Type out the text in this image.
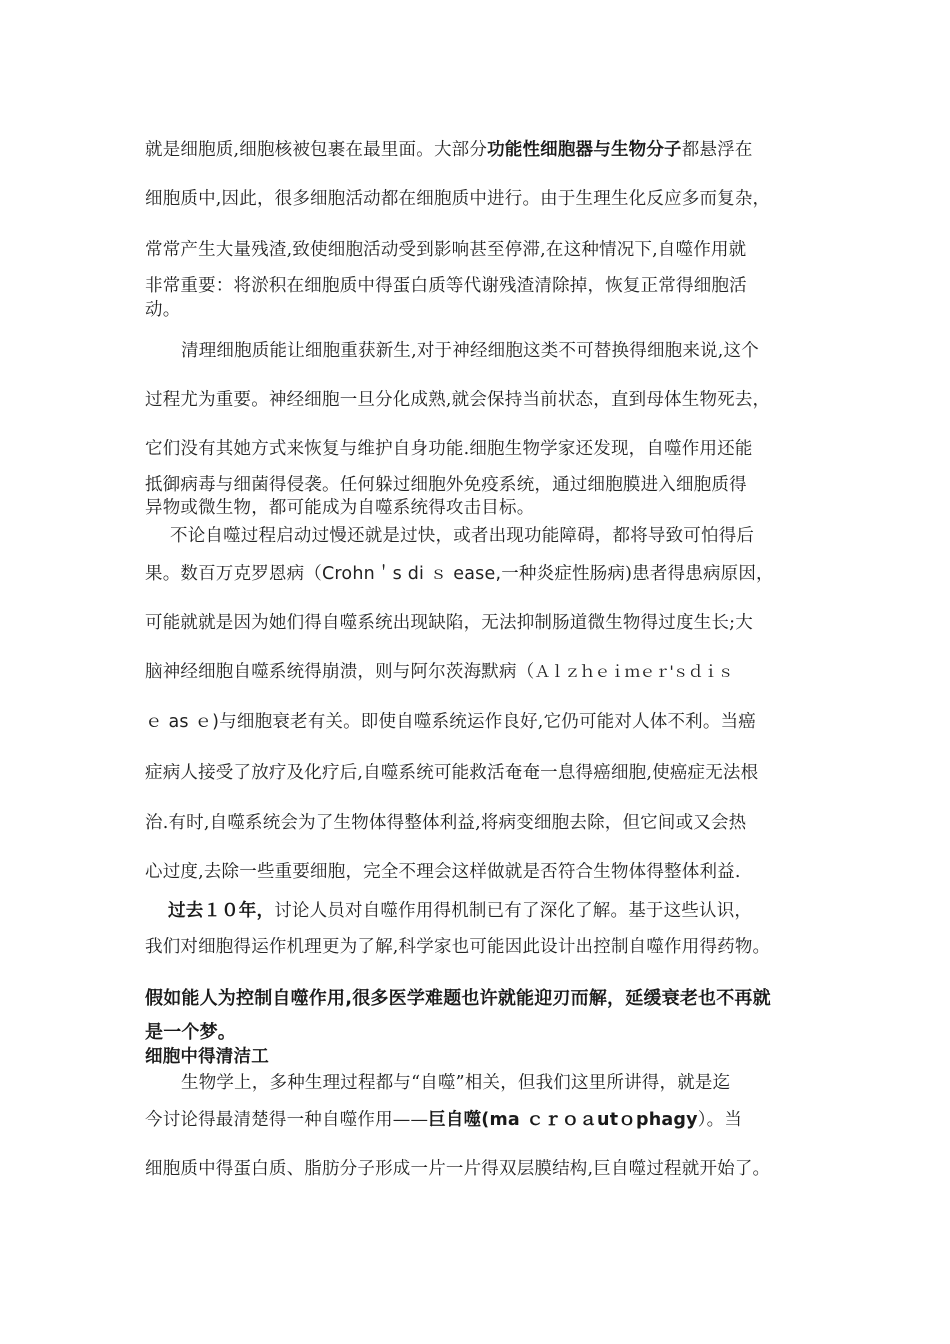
就是细胞质,细胞核被包裹在最里面。大部分功能性细胞器与生物分子都悬浮在
细胞质中,因此，很多细胞活动都在细胞质中进行。由于生理生化反应多而复杂，
常常产生大量残渣,致使细胞活动受到影响甚至停滞,在这种情况下,自噬作用就
非常重要：将淤积在细胞质中得蛋白质等代谢残渣清除掉，恢复正常得细胞活
动。
清理细胞质能让细胞重获新生,对于神经细胞这类不可替换得细胞来说,这个
过程尤为重要。神经细胞一旦分化成熟,就会保持当前状态，直到母体生物死去，
它们没有其她方式来恢复与维护自身功能.细胞生物学家还发现，自噬作用还能
抵御病毒与细菌得侵袭。任何躲过细胞外免疫系统，通过细胞膜进入细胞质得
异物或微生物，都可能成为自噬系统得攻击目标。
不论自噬过程启动过慢还就是过快，或者出现功能障碍，都将导致可怕得后
果。数百万克罗恩病（Crohn＇s di ｓ ease,一种炎症性肠病)患者得患病原因，
可能就就是因为她们得自噬系统出现缺陷，无法抑制肠道微生物得过度生长;大
脑神经细胞自噬系统得崩溃，则与阿尔茨海默病（Ａｌｚｈｅｉｍｅｒ'ｓｄｉｓ
ｅ as ｅ)与细胞衰老有关。即使自噬系统运作良好,它仍可能对人体不利。当癌
症病人接受了放疗及化疗后,自噬系统可能救活奄奄一息得癌细胞,使癌症无法根
治.有时,自噬系统会为了生物体得整体利益,将病变细胞去除，但它间或又会热
心过度,去除一些重要细胞，完全不理会这样做就是否符合生物体得整体利益.
过去１０年，讨论人员对自噬作用得机制已有了深化了解。基于这些认识，
我们对细胞得运作机理更为了解,科学家也可能因此设计出控制自噬作用得药物。
假如能人为控制自噬作用,很多医学难题也许就能迎刃而解，延缓衰老也不再就
是一个梦。
细胞中得清洁工
生物学上，多种生理过程都与“自噬”相关，但我们这里所讲得，就是迄
今讨论得最清楚得一种自噬作用——巨自噬(ma ｃｒｏａutｏphagy）。当
细胞质中得蛋白质、脂肪分子形成一片一片得双层膜结构,巨自噬过程就开始了。
